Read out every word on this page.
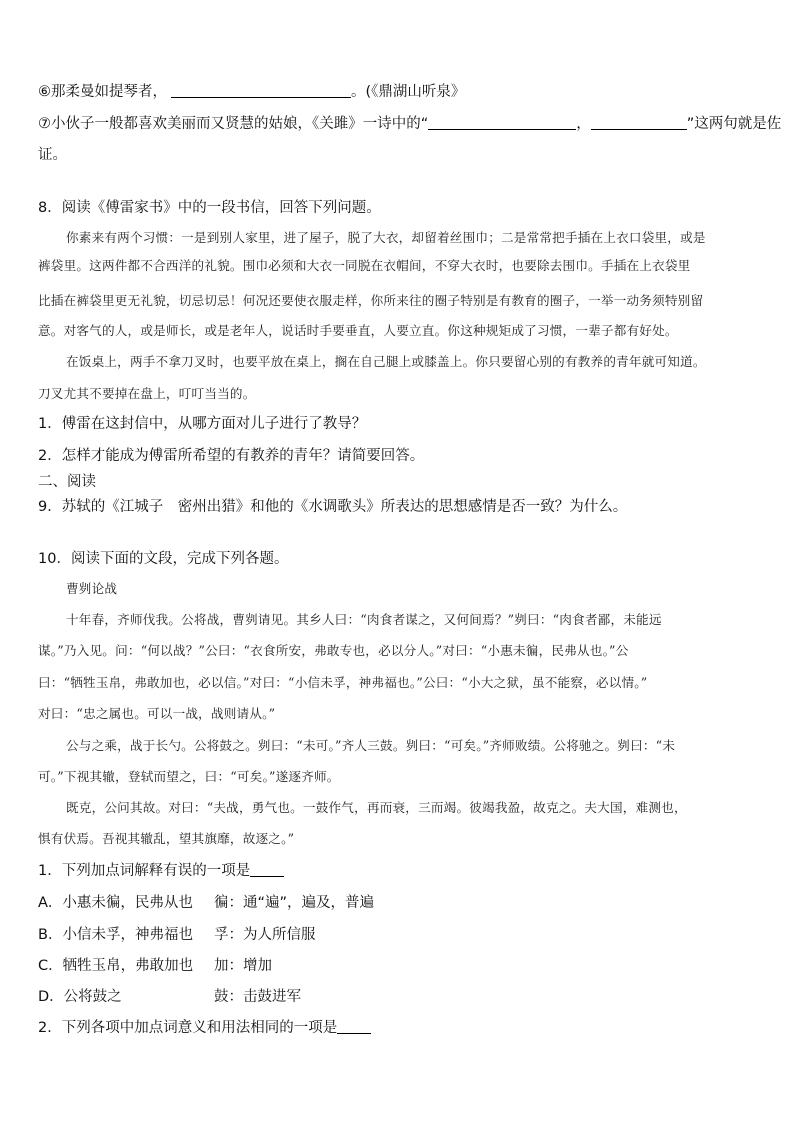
⑥那柔曼如提琴者，	。(《鼎湖山听泉》
⑦小伙子一般都喜欢美丽而又贤慧的姑娘，《关雎》一诗中的“	，	”这两句就是佐
证。
8．阅读《傅雷家书》中的一段书信，回答下列问题。
你素来有两个习惯：一是到别人家里，进了屋子，脱了大衣，却留着丝围巾；二是常常把手插在上衣口袋里，或是
裤袋里。这两件都不合西洋的礼貌。围巾必须和大衣一同脱在衣帽间，不穿大衣时，也要除去围巾。手插在上衣袋里
比插在裤袋里更无礼貌，切忌切忌！何况还要使衣服走样，你所来往的圈子特别是有教育的圈子，一举一动务须特别留
意。对客气的人，或是师长，或是老年人，说话时手要垂直，人要立直。你这种规矩成了习惯，一辈子都有好处。
在饭桌上，两手不拿刀叉时，也要平放在桌上，搁在自己腿上或膝盖上。你只要留心别的有教养的青年就可知道。
刀叉尤其不要掉在盘上，叮叮当当的。
1．傅雷在这封信中，从哪方面对儿子进行了教导？
2．怎样才能成为傅雷所希望的有教养的青年？请简要回答。
二、阅读
9．苏轼的《江城子　密州出猎》和他的《水调歌头》所表达的思想感情是否一致？为什么。
10．阅读下面的文段，完成下列各题。
曹刿论战
十年春，齐师伐我。公将战，曹刿请见。其乡人曰：“肉食者谋之，又何间焉？”刿曰：“肉食者鄙，未能远
谋。”乃入见。问：“何以战？”公曰：“衣食所安，弗敢专也，必以分人。”对曰：“小惠未徧，民弗从也。”公
曰：“牺牲玉帛，弗敢加也，必以信。”对曰：“小信未孚，神弗福也。”公曰：“小大之狱，虽不能察，必以情。”
对曰：“忠之属也。可以一战，战则请从。”
公与之乘，战于长勺。公将鼓之。刿曰：“未可。”齐人三鼓。刿曰：“可矣。”齐师败绩。公将驰之。刿曰：“未
可。”下视其辙，登轼而望之，曰：“可矣。”遂逐齐师。
既克，公问其故。对曰：“夫战，勇气也。一鼓作气，再而衰，三而竭。彼竭我盈，故克之。夫大国，难测也，
惧有伏焉。吾视其辙乱，望其旗靡，故逐之。”
1．下列加点词解释有误的一项是
A．小惠未徧，民弗从也 徧：通“遍”，遍及，普遍
B．小信未孚，神弗福也 孚：为人所信服
C．牺牲玉帛，弗敢加也 加：增加
D．公将鼓之	鼓：击鼓进军
2．下列各项中加点词意义和用法相同的一项是
